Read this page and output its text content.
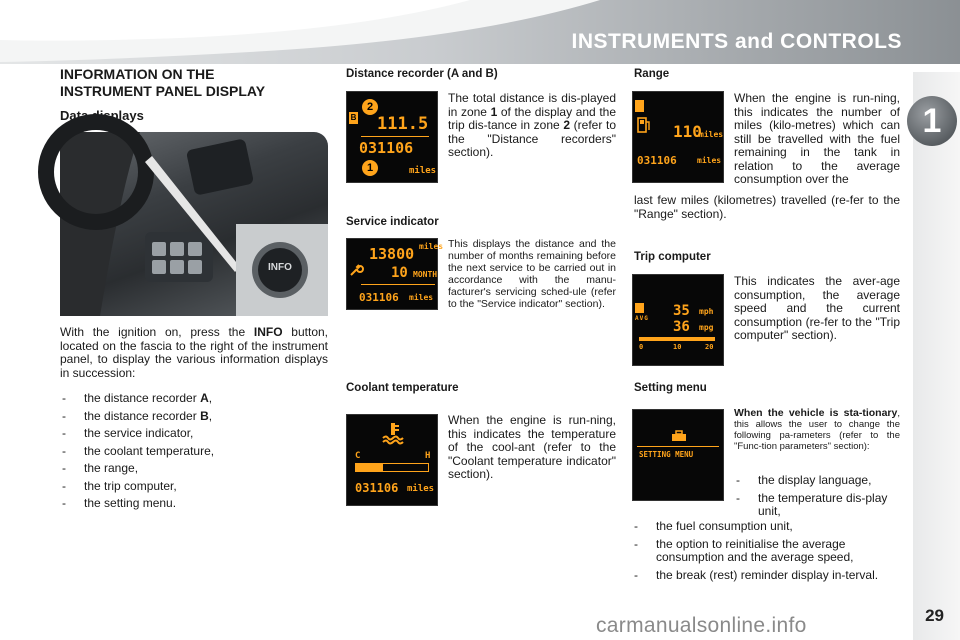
INSTRUMENTS and CONTROLS
1
INFORMATION ON THE
INSTRUMENT PANEL DISPLAY
Data displays
INFO
With the ignition on, press the INFO button, located on the fascia to the right of the instrument panel, to display the various information displays in succession:
- the distance recorder A,
- the distance recorder B,
- the service indicator,
- the coolant temperature,
- the range,
- the trip computer,
- the setting menu.
Distance recorder (A and B)
B
2
111.5
031106
1	miles
The total distance is dis-played in zone 1 of the display and the trip dis-tance in zone 2 (refer to the "Distance recorders" section).
Service indicator
13800 miles
10 MONTH
031106 miles
This displays the distance and the number of months remaining before the next service to be carried out in accordance with the manu-facturer's servicing sched-ule (refer to the "Service indicator" section).
Coolant temperature
C	H
031106 miles
When the engine is run-ning, this indicates the temperature of the cool-ant (refer to the "Coolant temperature indicator" section).
Range
110
miles
031106	miles
When the engine is run-ning, this indicates the number of miles (kilo-metres) which can still be travelled with the fuel remaining in the tank in relation to the average consumption over the
last few miles (kilometres) travelled (re-fer to the "Range" section).
Trip computer
AVG 35 mph
36 mpg
0	10	20
This indicates the aver-age consumption, the average speed and the current consumption (re-fer to the "Trip computer" section).
Setting menu
SETTING MENU
When the vehicle is sta-tionary, this allows the user to change the following pa-rameters (refer to the "Func-tion parameters" section):
- the display language,
- the temperature dis-play unit,
- the fuel consumption unit,
- the option to reinitialise the average consumption and the average speed,
- the break (rest) reminder display in-terval.
carmanualsonline.info	29
